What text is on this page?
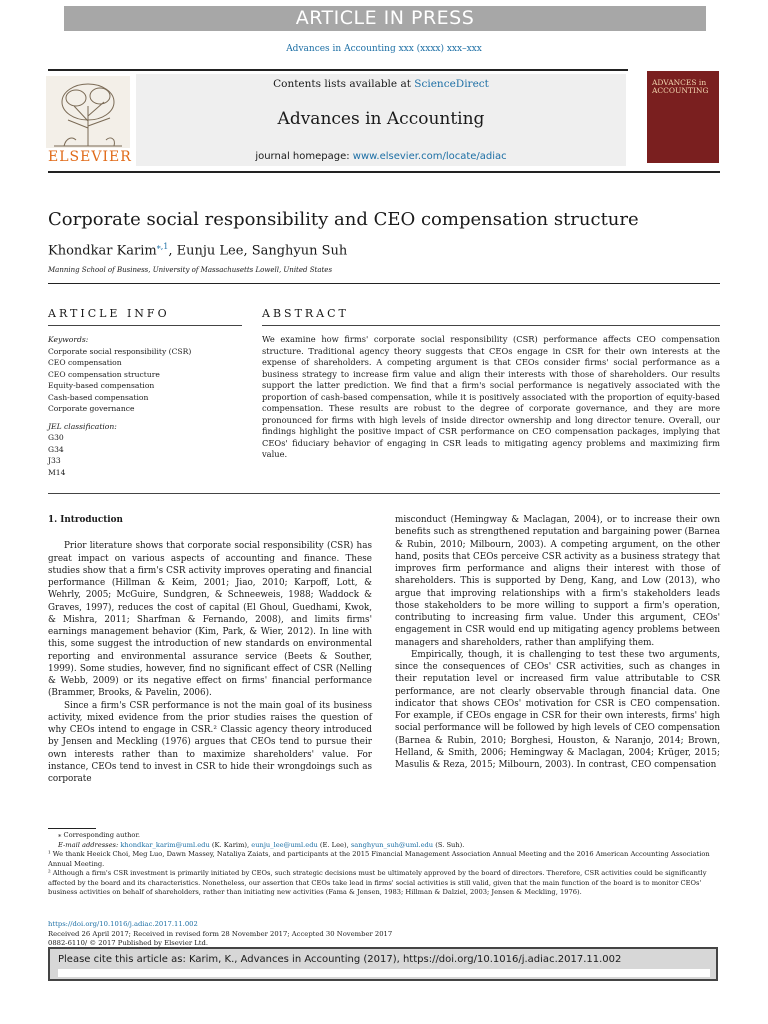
ARTICLE IN PRESS
Advances in Accounting xxx (xxxx) xxx–xxx
ELSEVIER
Contents lists available at ScienceDirect
Advances in Accounting
journal homepage: www.elsevier.com/locate/adiac
ADVANCES in ACCOUNTING
Corporate social responsibility and CEO compensation structure
Khondkar Karim$^{⁎,1}$, Eunju Lee, Sanghyun Suh
Manning School of Business, University of Massachusetts Lowell, United States
ARTICLE INFO	ABSTRACT
Keywords:
Corporate social responsibility (CSR)
CEO compensation
CEO compensation structure
Equity-based compensation
Cash-based compensation
Corporate governance
JEL classification:
G30
G34
J33
M14
We examine how firms' corporate social responsibility (CSR) performance affects CEO compensation structure. Traditional agency theory suggests that CEOs engage in CSR for their own interests at the expense of shareholders. A competing argument is that CEOs consider firms' social performance as a business strategy to increase firm value and align their interests with those of shareholders. Our results support the latter prediction. We find that a firm's social performance is negatively associated with the proportion of cash-based compensation, while it is positively associated with the proportion of equity-based compensation. These results are robust to the degree of corporate governance, and they are more pronounced for firms with high levels of inside director ownership and long director tenure. Overall, our findings highlight the positive impact of CSR performance on CEO compensation packages, implying that CEOs' fiduciary behavior of engaging in CSR leads to mitigating agency problems and maximizing firm value.
1. Introduction

Prior literature shows that corporate social responsibility (CSR) has great impact on various aspects of accounting and finance. These studies show that a firm's CSR activity improves operating and financial performance (Hillman & Keim, 2001; Jiao, 2010; Karpoff, Lott, & Wehrly, 2005; McGuire, Sundgren, & Schneeweis, 1988; Waddock & Graves, 1997), reduces the cost of capital (El Ghoul, Guedhami, Kwok, & Mishra, 2011; Sharfman & Fernando, 2008), and limits firms' earnings management behavior (Kim, Park, & Wier, 2012). In line with this, some suggest the introduction of new standards on environmental reporting and environmental assurance service (Beets & Souther, 1999). Some studies, however, find no significant effect of CSR (Nelling & Webb, 2009) or its negative effect on firms' financial performance (Brammer, Brooks, & Pavelin, 2006).

Since a firm's CSR performance is not the main goal of its business activity, mixed evidence from the prior studies raises the question of why CEOs intend to engage in CSR.² Classic agency theory introduced by Jensen and Meckling (1976) argues that CEOs tend to pursue their own interests rather than to maximize shareholders' value. For instance, CEOs tend to invest in CSR to hide their wrongdoings such as corporate

misconduct (Hemingway & Maclagan, 2004), or to increase their own benefits such as strengthened reputation and bargaining power (Barnea & Rubin, 2010; Milbourn, 2003). A competing argument, on the other hand, posits that CEOs perceive CSR activity as a business strategy that improves firm performance and aligns their interest with those of shareholders. This is supported by Deng, Kang, and Low (2013), who argue that improving relationships with a firm's stakeholders leads those stakeholders to be more willing to support a firm's operation, contributing to increasing firm value. Under this argument, CEOs' engagement in CSR would end up mitigating agency problems between managers and shareholders, rather than amplifying them.

Empirically, though, it is challenging to test these two arguments, since the consequences of CEOs' CSR activities, such as changes in their reputation level or increased firm value attributable to CSR performance, are not clearly observable through financial data. One indicator that shows CEOs' motivation for CSR is CEO compensation. For example, if CEOs engage in CSR for their own interests, firms' high social performance will be followed by high levels of CEO compensation (Barnea & Rubin, 2010; Borghesi, Houston, & Naranjo, 2014; Brown, Helland, & Smith, 2006; Hemingway & Maclagan, 2004; Krüger, 2015; Masulis & Reza, 2015; Milbourn, 2003). In contrast, CEO compensation

⁎ Corresponding author.

E-mail addresses: khondkar_karim@uml.edu (K. Karim), eunju_lee@uml.edu (E. Lee), sanghyun_suh@uml.edu (S. Suh).

¹ We thank Heeick Choi, Meg Luo, Dawn Massey, Nataliya Zaiats, and participants at the 2015 Financial Management Association Annual Meeting and the 2016 American Accounting Association Annual Meeting.

² Although a firm's CSR investment is primarily initiated by CEOs, such strategic decisions must be ultimately approved by the board of directors. Therefore, CSR activities could be significantly affected by the board and its characteristics. Nonetheless, our assertion that CEOs take lead in firms' social activities is still valid, given that the main function of the board is to monitor CEOs' business activities on behalf of shareholders, rather than initiating new activities (Fama & Jensen, 1983; Hillman & Dalziel, 2003; Jensen & Meckling, 1976).

https://doi.org/10.1016/j.adiac.2017.11.002
Received 26 April 2017; Received in revised form 28 November 2017; Accepted 30 November 2017
0882-6110/ © 2017 Published by Elsevier Ltd.
Please cite this article as: Karim, K., Advances in Accounting (2017), https://doi.org/10.1016/j.adiac.2017.11.002
